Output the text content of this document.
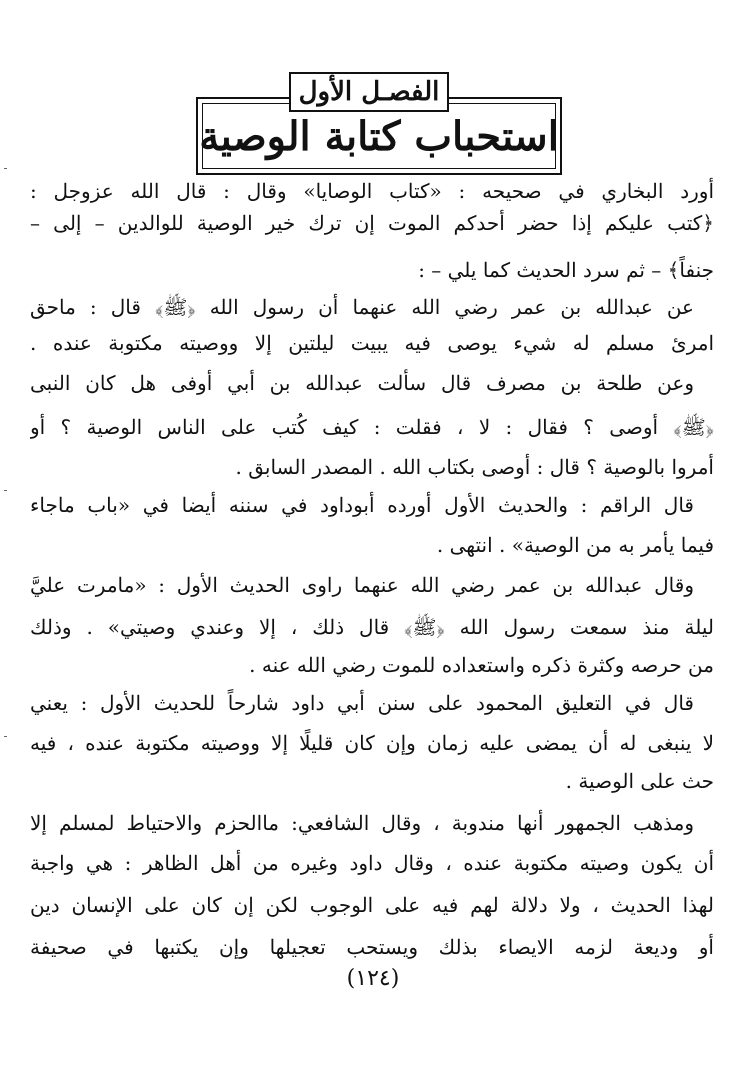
استحباب كتابة الوصية
الفصـل الأول
أورد البخاري في صحيحه : «كتاب الوصايا» وقال : قال الله عزوجل :
﴿كتب عليكم إذا حضر أحدكم الموت إن ترك خير الوصية للوالدين – إلى –
جنفاً﴾ – ثم سرد الحديث كما يلي – :
عن عبدالله بن عمر رضي الله عنهما أن رسول الله ﴿ﷺ﴾ قال : ماحق
امرئ مسلم له شيء يوصى فيه يبيت ليلتين إلا ووصيته مكتوبة عنده .
وعن طلحة بن مصرف قال سألت عبدالله بن أبي أوفى هل كان النبى
﴿ﷺ﴾ أوصى ؟ فقال : لا ، فقلت : كيف كُتب على الناس الوصية ؟ أو
أمروا بالوصية ؟ قال : أوصى بكتاب الله . المصدر السابق .
قال الراقم : والحديث الأول أورده أبوداود في سننه أيضا في «باب ماجاء
فيما يأمر به من الوصية» . انتهى .
وقال عبدالله بن عمر رضي الله عنهما راوى الحديث الأول : «مامرت عليَّ
ليلة منذ سمعت رسول الله ﴿ﷺ﴾ قال ذلك ، إلا وعندي وصيتي» . وذلك
من حرصه وكثرة ذكره واستعداده للموت رضي الله عنه .
قال في التعليق المحمود على سنن أبي داود شارحاً للحديث الأول : يعني
لا ينبغى له أن يمضى عليه زمان وإن كان قليلًا إلا ووصيته مكتوبة عنده ، فيه
حث على الوصية .
ومذهب الجمهور أنها مندوبة ، وقال الشافعي: ماالحزم والاحتياط لمسلم إلا
أن يكون وصيته مكتوبة عنده ، وقال داود وغيره من أهل الظاهر : هي واجبة
لهذا الحديث ، ولا دلالة لهم فيه على الوجوب لكن إن كان على الإنسان دين
أو وديعة لزمه الايصاء بذلك ويستحب تعجيلها وإن يكتبها في صحيفة
(١٢٤)
